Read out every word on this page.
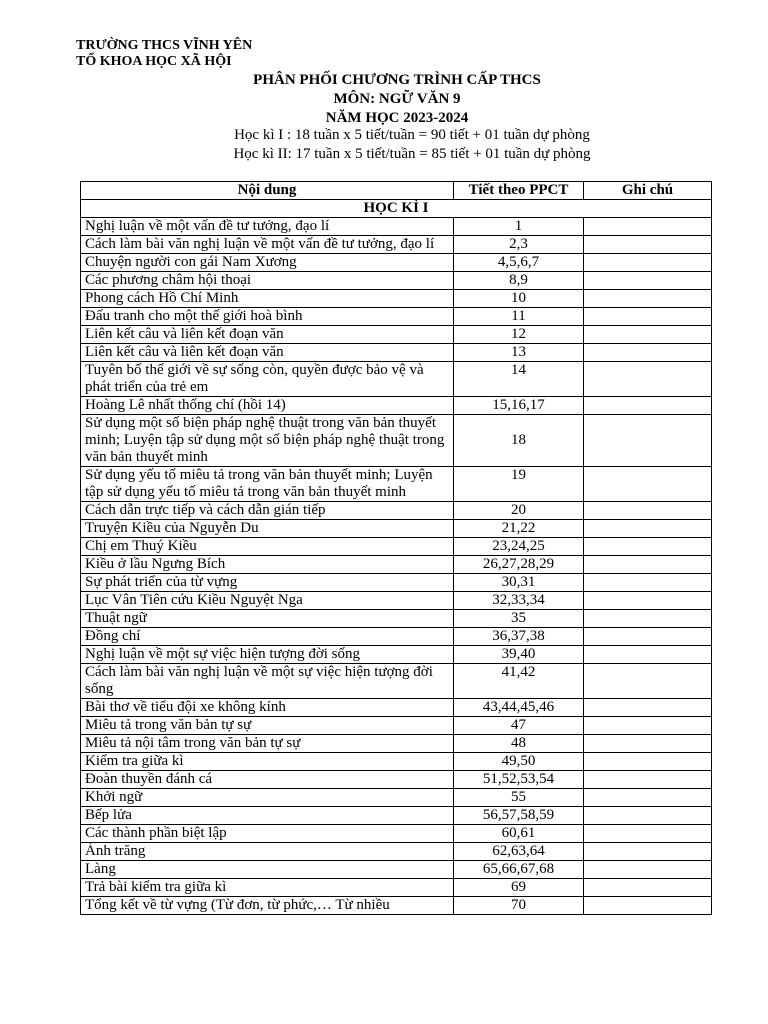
TRƯỜNG THCS VĨNH YÊN
TỔ KHOA HỌC XÃ HỘI
PHÂN PHỐI CHƯƠNG TRÌNH CẤP THCS
MÔN: NGỮ VĂN 9
NĂM HỌC 2023-2024
Học kì I : 18 tuần x 5 tiết/tuần = 90 tiết + 01 tuần dự phòng
Học kì II: 17 tuần x 5 tiết/tuần = 85 tiết + 01 tuần dự phòng
Nội dung	Tiết theo PPCT	Ghi chú
HỌC KÌ I		
Nghị luận về một vấn đề tư tưởng, đạo lí	1	
Cách làm bài văn nghị luận về một vấn đề tư tưởng, đạo lí	2,3	
Chuyện người con gái Nam Xương	4,5,6,7	
Các phương châm hội thoại	8,9	
Phong cách Hồ Chí Minh	10	
Đấu tranh cho một thế giới hoà bình	11	
Liên kết câu và liên kết đoạn văn	12	
Liên kết câu và liên kết đoạn văn	13	
Tuyên bố thế giới về sự sống còn, quyền được bảo vệ và phát triển của trẻ em	14	
Hoàng Lê nhất thống chí (hồi 14)	15,16,17	
Sử dụng một số biện pháp nghệ thuật trong văn bản thuyết minh; Luyện tập sử dụng một số biện pháp nghệ thuật trong văn bản thuyết minh	18	
Sử dụng yếu tố miêu tả trong văn bản thuyết minh; Luyện tập sử dụng yếu tố miêu tả trong văn bản thuyết minh	19	
Cách dẫn trực tiếp và cách dẫn gián tiếp	20	
Truyện Kiều của Nguyễn Du	21,22	
Chị em Thuý Kiều	23,24,25	
Kiều ở lầu Ngưng Bích	26,27,28,29	
Sự phát triển của từ vựng	30,31	
Lục Vân Tiên cứu Kiều Nguyệt Nga	32,33,34	
Thuật ngữ	35	
Đồng chí	36,37,38	
Nghị luận về một sự việc hiện tượng đời sống	39,40	
Cách làm bài văn nghị luận về một sự việc hiện tượng đời sống	41,42	
Bài thơ về tiểu đội xe không kính	43,44,45,46	
Miêu tả trong văn bản tự sự	47	
Miêu tả nội tâm trong văn bản tự sự	48	
Kiểm tra giữa kì	49,50	
Đoàn thuyền đánh cá	51,52,53,54	
Khởi ngữ	55	
Bếp lửa	56,57,58,59	
Các thành phần biệt lập	60,61	
Ánh trăng	62,63,64	
Làng	65,66,67,68	
Trả bài kiểm tra giữa kì	69	
Tổng kết về từ vựng (Từ đơn, từ phức,… Từ nhiều	70	
